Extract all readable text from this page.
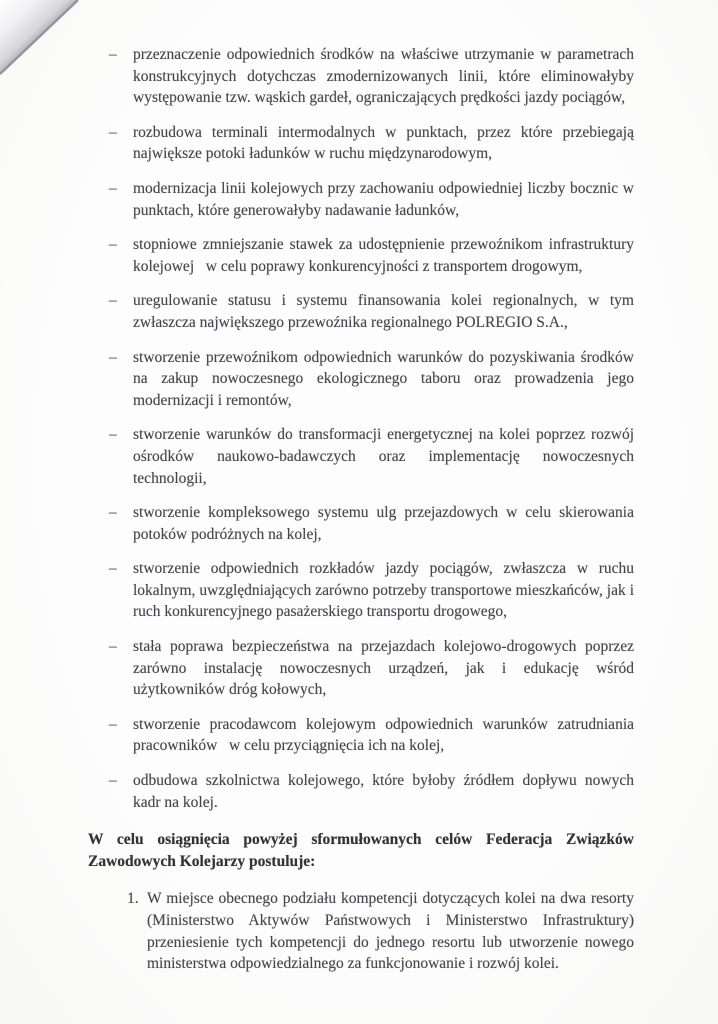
–	przeznaczenie odpowiednich środków na właściwe utrzymanie w parametrach konstrukcyjnych dotychczas zmodernizowanych linii, które eliminowałyby występowanie tzw. wąskich gardeł, ograniczających prędkości jazdy pociągów,
–	rozbudowa terminali intermodalnych w punktach, przez które przebiegają największe potoki ładunków w ruchu międzynarodowym,
–	modernizacja linii kolejowych przy zachowaniu odpowiedniej liczby bocznic w punktach, które generowałyby nadawanie ładunków,
–	stopniowe zmniejszanie stawek za udostępnienie przewoźnikom infrastruktury kolejowej   w celu poprawy konkurencyjności z transportem drogowym,
–	uregulowanie statusu i systemu finansowania kolei regionalnych, w tym zwłaszcza największego przewoźnika regionalnego POLREGIO S.A.,
–	stworzenie przewoźnikom odpowiednich warunków do pozyskiwania środków na zakup nowoczesnego ekologicznego taboru oraz prowadzenia jego modernizacji i remontów,
–	stworzenie warunków do transformacji energetycznej na kolei poprzez rozwój ośrodków naukowo-badawczych oraz implementację nowoczesnych technologii,
–	stworzenie kompleksowego systemu ulg przejazdowych w celu skierowania potoków podróżnych na kolej,
–	stworzenie odpowiednich rozkładów jazdy pociągów, zwłaszcza w ruchu lokalnym, uwzględniających zarówno potrzeby transportowe mieszkańców, jak i ruch konkurencyjnego pasażerskiego transportu drogowego,
–	stała poprawa bezpieczeństwa na przejazdach kolejowo-drogowych poprzez zarówno instalację nowoczesnych urządzeń, jak i edukację wśród użytkowników dróg kołowych,
–	stworzenie pracodawcom kolejowym odpowiednich warunków zatrudniania pracowników   w celu przyciągnięcia ich na kolej,
–	odbudowa szkolnictwa kolejowego, które byłoby źródłem dopływu nowych kadr na kolej.

W celu osiągnięcia powyżej sformułowanych celów Federacja Związków Zawodowych Kolejarzy postuluje:

1. W miejsce obecnego podziału kompetencji dotyczących kolei na dwa resorty (Ministerstwo Aktywów Państwowych i Ministerstwo Infrastruktury) przeniesienie tych kompetencji do jednego resortu lub utworzenie nowego ministerstwa odpowiedzialnego za funkcjonowanie i rozwój kolei.
